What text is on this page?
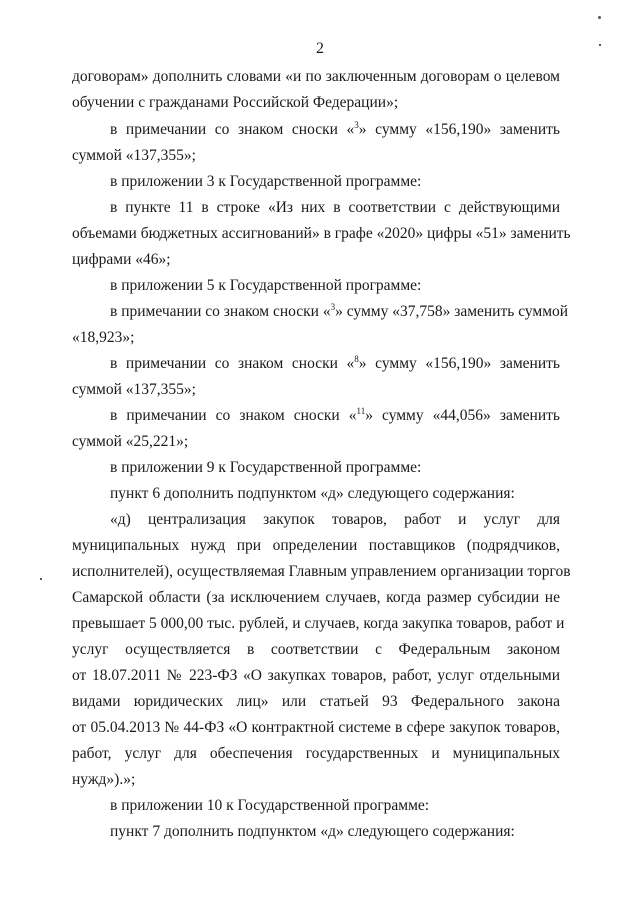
2
договорам» дополнить словами «и по заключенным договорам о целевом
обучении с гражданами Российской Федерации»;
в примечании со знаком сноски «$^3$» сумму «156,190» заменить
суммой «137,355»;
в приложении 3 к Государственной программе:
в пункте 11 в строке «Из них в соответствии с действующими
объемами бюджетных ассигнований» в графе «2020» цифры «51» заменить
цифрами «46»;
в приложении 5 к Государственной программе:
в примечании со знаком сноски «$^3$» сумму «37,758» заменить суммой
«18,923»;
в примечании со знаком сноски «$^8$» сумму «156,190» заменить
суммой «137,355»;
в примечании со знаком сноски «$^{11}$» сумму «44,056» заменить
суммой «25,221»;
в приложении 9 к Государственной программе:
пункт 6 дополнить подпунктом «д» следующего содержания:
«д) централизация закупок товаров, работ и услуг для
муниципальных нужд при определении поставщиков (подрядчиков,
исполнителей), осуществляемая Главным управлением организации торгов
Самарской области (за исключением случаев, когда размер субсидии не
превышает 5 000,00 тыс. рублей, и случаев, когда закупка товаров, работ и
услуг осуществляется в соответствии с Федеральным законом
от 18.07.2011 № 223-ФЗ «О закупках товаров, работ, услуг отдельными
видами юридических лиц» или статьей 93 Федерального закона
от 05.04.2013 № 44-ФЗ «О контрактной системе в сфере закупок товаров,
работ, услуг для обеспечения государственных и муниципальных
нужд»).»;
в приложении 10 к Государственной программе:
пункт 7 дополнить подпунктом «д» следующего содержания:
